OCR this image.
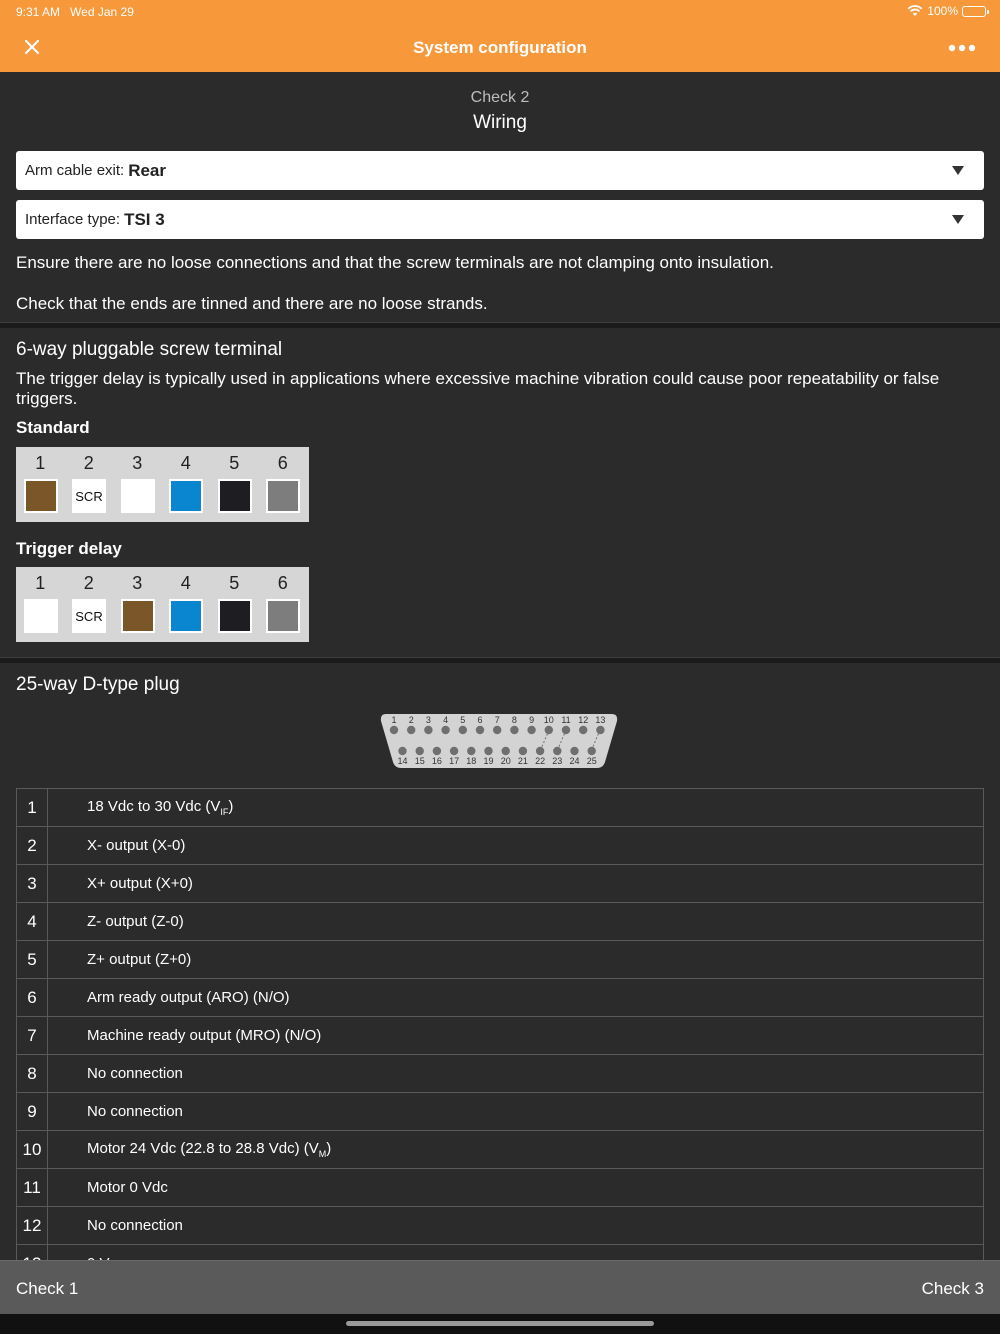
9:31 AM Wed Jan 29	100%
System configuration
Check 2
Wiring
Arm cable exit: Rear
Interface type: TSI 3
Ensure there are no loose connections and that the screw terminals are not clamping onto insulation.
Check that the ends are tinned and there are no loose strands.
6-way pluggable screw terminal
The trigger delay is typically used in applications where excessive machine vibration could cause poor repeatability or false triggers.
Standard
1	2	3	4	5	6
SCR
Trigger delay
1	2	3	4	5	6
SCR
25-way D-type plug
1 2 3 4 5 6 7 8 9 10 11 12 13
14 15 16 17 18 19 20 21 22 23 24 25
1	18 Vdc to 30 Vdc $(V_{IF})$
2	X- output (X-0)
3	X+ output (X+0)
4	Z- output (Z-0)
5	Z+ output (Z+0)
6	Arm ready output (ARO) (N/O)
7	Machine ready output (MRO) (N/O)
8	No connection
9	No connection
10	Motor 24 Vdc (22.8 to 28.8 Vdc) $(V_M)$
11	Motor 0 Vdc
12	No connection

Check 1	Check 3
